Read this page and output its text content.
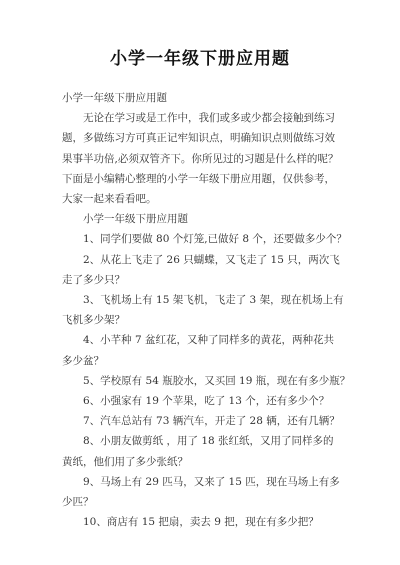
小学一年级下册应用题
小学一年级下册应用题
无论在学习或是工作中，我们或多或少都会接触到练习
题，多做练习方可真正记牢知识点，明确知识点则做练习效
果事半功倍,必须双管齐下。你所见过的习题是什么样的呢？
下面是小编精心整理的小学一年级下册应用题，仅供参考，
大家一起来看看吧。
小学一年级下册应用题
1、同学们要做 80 个灯笼,已做好 8 个，还要做多少个？
2、从花上飞走了 26 只蝴蝶，又飞走了 15 只，两次飞
走了多少只？
3、飞机场上有 15 架飞机，飞走了 3 架，现在机场上有
飞机多少架？
4、小芊种 7 盆红花，又种了同样多的黄花，两种花共
多少盆？
5、学校原有 54 瓶胶水，又买回 19 瓶，现在有多少瓶？
6、小强家有 19 个苹果，吃了 13 个，还有多少个？
7、汽车总站有 73 辆汽车，开走了 28 辆，还有几辆？
8、小朋友做剪纸 ，用了 18 张红纸，又用了同样多的
黄纸，他们用了多少张纸？
9、马场上有 29 匹马，又来了 15 匹，现在马场上有多
少匹？
10、商店有 15 把扇，卖去 9 把，现在有多少把？
